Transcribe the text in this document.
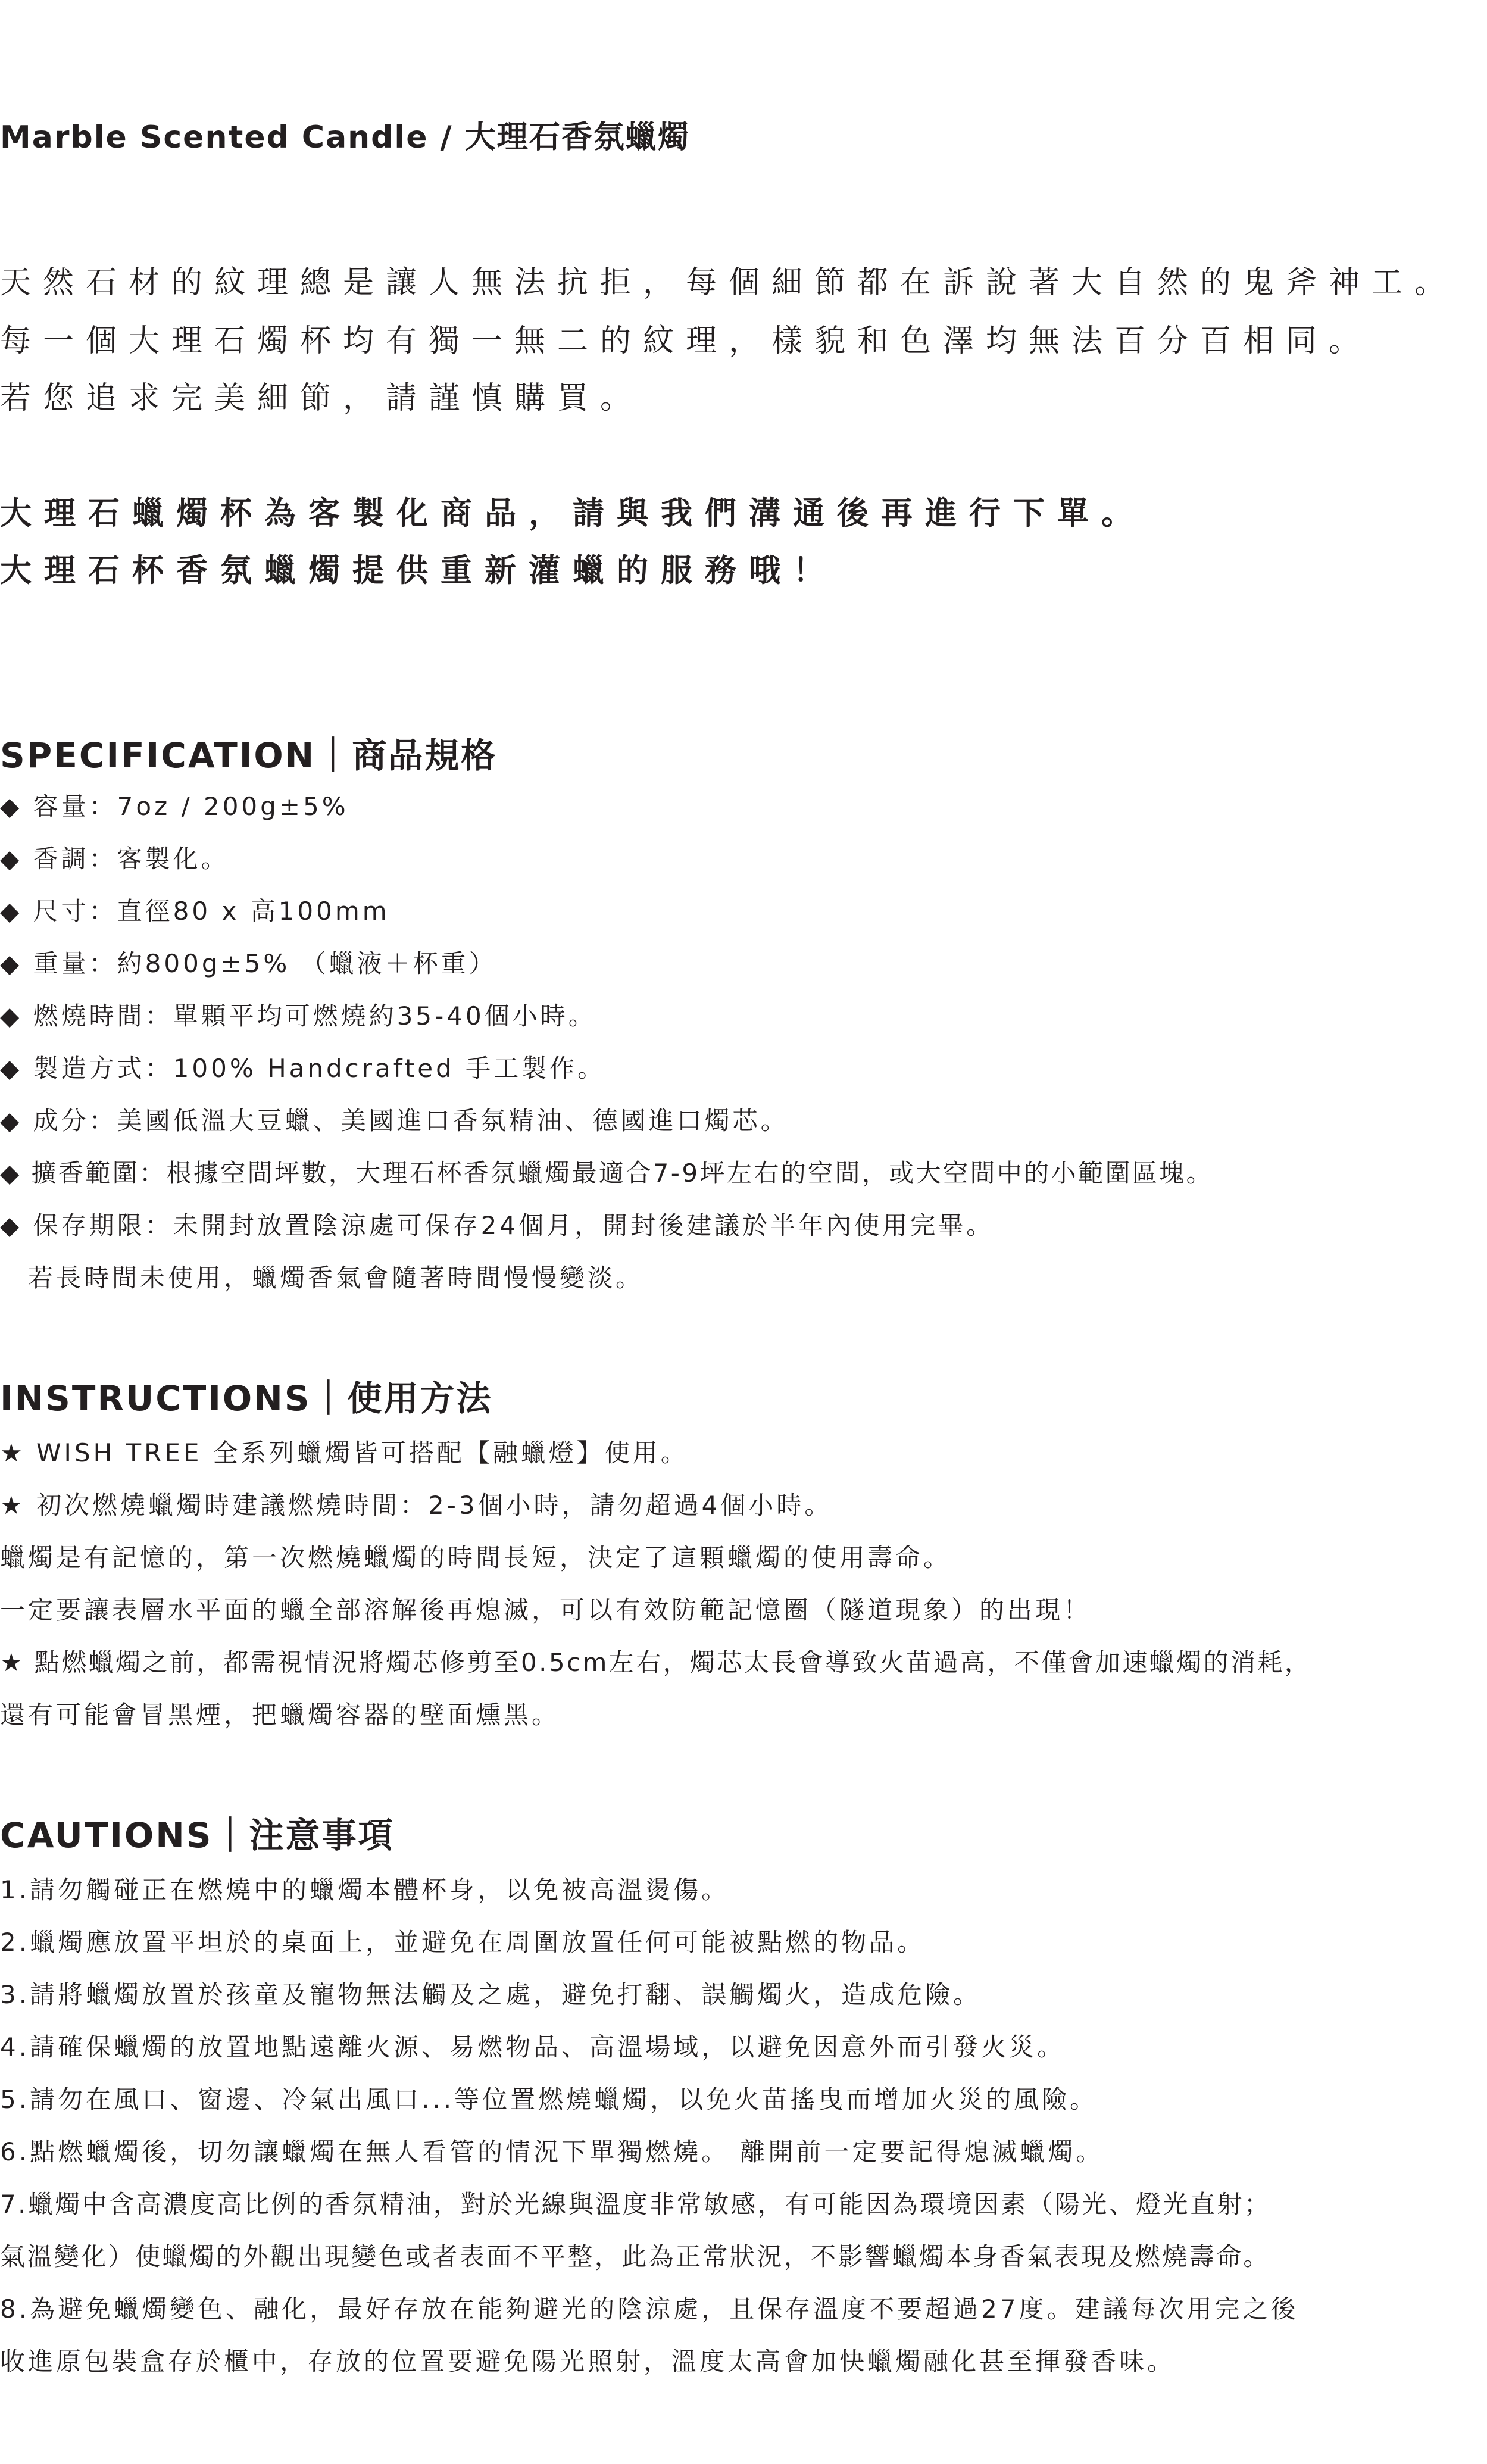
Marble Scented Candle / 大理石香氛蠟燭

天然石材的紋理總是讓人無法抗拒，每個細節都在訴說著大自然的鬼斧神工。

每一個大理石燭杯均有獨一無二的紋理，樣貌和色澤均無法百分百相同。

若您追求完美細節，請謹慎購買。

大理石蠟燭杯為客製化商品，請與我們溝通後再進行下單。

大理石杯香氛蠟燭提供重新灌蠟的服務哦！

SPECIFICATION｜商品規格

◆ 容量：7oz / 200g±5%

◆ 香調：客製化。

◆ 尺寸：直徑80 x 高100mm

◆ 重量：約800g±5% （蠟液＋杯重）

◆ 燃燒時間：單顆平均可燃燒約35-40個小時。

◆ 製造方式：100% Handcrafted 手工製作。

◆ 成分：美國低溫大豆蠟、美國進口香氛精油、德國進口燭芯。

◆ 擴香範圍：根據空間坪數，大理石杯香氛蠟燭最適合7-9坪左右的空間，或大空間中的小範圍區塊。

◆ 保存期限：未開封放置陰涼處可保存24個月，開封後建議於半年內使用完畢。

　若長時間未使用，蠟燭香氣會隨著時間慢慢變淡。

INSTRUCTIONS｜使用方法

★ WISH TREE 全系列蠟燭皆可搭配【融蠟燈】使用。

★ 初次燃燒蠟燭時建議燃燒時間：2-3個小時，請勿超過4個小時。

蠟燭是有記憶的，第一次燃燒蠟燭的時間長短，決定了這顆蠟燭的使用壽命。

一定要讓表層水平面的蠟全部溶解後再熄滅，可以有效防範記憶圈（隧道現象）的出現！

★ 點燃蠟燭之前，都需視情況將燭芯修剪至0.5cm左右，燭芯太長會導致火苗過高，不僅會加速蠟燭的消耗，

還有可能會冒黑煙，把蠟燭容器的壁面燻黑。

CAUTIONS｜注意事項

1.請勿觸碰正在燃燒中的蠟燭本體杯身，以免被高溫燙傷。

2.蠟燭應放置平坦於的桌面上，並避免在周圍放置任何可能被點燃的物品。

3.請將蠟燭放置於孩童及寵物無法觸及之處，避免打翻、誤觸燭火，造成危險。

4.請確保蠟燭的放置地點遠離火源、易燃物品、高溫場域，以避免因意外而引發火災。

5.請勿在風口、窗邊、冷氣出風口...等位置燃燒蠟燭，以免火苗搖曳而增加火災的風險。

6.點燃蠟燭後，切勿讓蠟燭在無人看管的情況下單獨燃燒。 離開前一定要記得熄滅蠟燭。

7.蠟燭中含高濃度高比例的香氛精油，對於光線與溫度非常敏感，有可能因為環境因素（陽光、燈光直射；

氣溫變化）使蠟燭的外觀出現變色或者表面不平整，此為正常狀況，不影響蠟燭本身香氣表現及燃燒壽命。

8.為避免蠟燭變色、融化，最好存放在能夠避光的陰涼處，且保存溫度不要超過27度。建議每次用完之後

收進原包裝盒存於櫃中，存放的位置要避免陽光照射，溫度太高會加快蠟燭融化甚至揮發香味。
